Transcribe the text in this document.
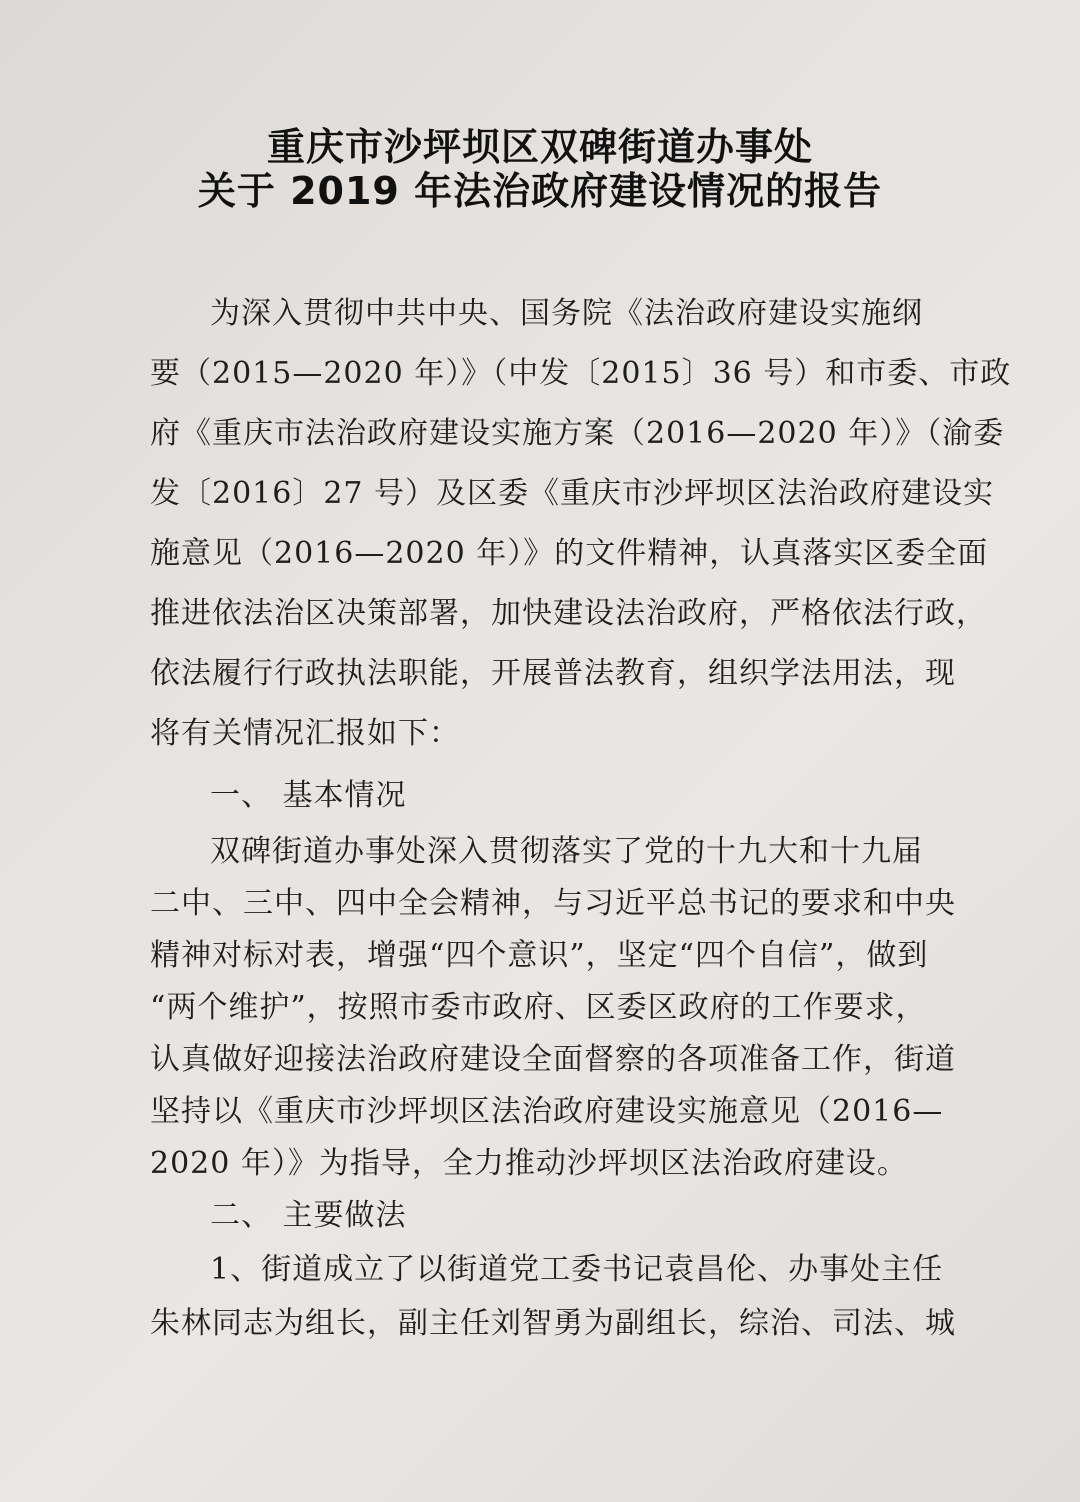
重庆市沙坪坝区双碑街道办事处
关于 2019 年法治政府建设情况的报告

为深入贯彻中共中央、国务院《法治政府建设实施纲

要（2015—2020 年）》（中发〔2015〕36 号）和市委、市政

府《重庆市法治政府建设实施方案（2016—2020 年）》（渝委

发〔2016〕27 号）及区委《重庆市沙坪坝区法治政府建设实

施意见（2016—2020 年）》的文件精神，认真落实区委全面

推进依法治区决策部署，加快建设法治政府，严格依法行政，

依法履行行政执法职能，开展普法教育，组织学法用法，现

将有关情况汇报如下：

一、 基本情况

双碑街道办事处深入贯彻落实了党的十九大和十九届

二中、三中、四中全会精神，与习近平总书记的要求和中央

精神对标对表，增强“四个意识”，坚定“四个自信”，做到

“两个维护”，按照市委市政府、区委区政府的工作要求，

认真做好迎接法治政府建设全面督察的各项准备工作，街道

坚持以《重庆市沙坪坝区法治政府建设实施意见（2016—

2020 年）》为指导，全力推动沙坪坝区法治政府建设。

二、 主要做法

1、街道成立了以街道党工委书记袁昌伦、办事处主任

朱林同志为组长，副主任刘智勇为副组长，综治、司法、城
